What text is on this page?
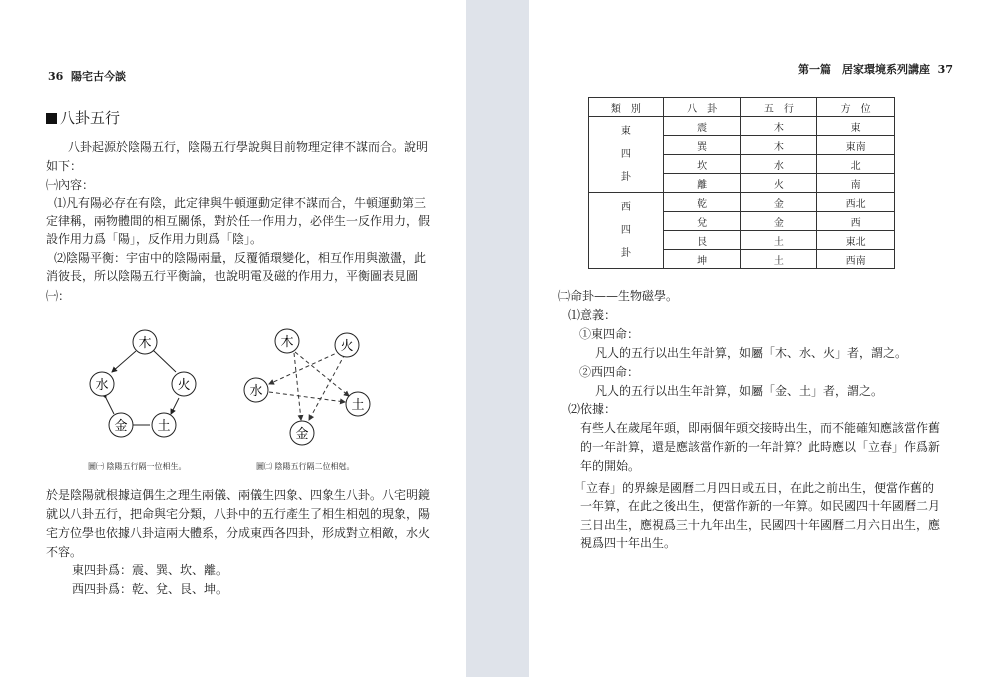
36 陽宅古今談
八卦五行
八卦起源於陰陽五行，陰陽五行學說與目前物理定律不謀而合。說明
如下：
㈠內容：
⑴凡有陽必存在有陰，此定律與牛頓運動定律不謀而合，牛頓運動第三
定律稱，兩物體間的相互關係，對於任一作用力，必伴生一反作用力，假
設作用力爲「陽」，反作用力則爲「陰」。
⑵陰陽平衡：宇宙中的陰陽兩量，反覆循環變化，相互作用與激盪，此
消彼長，所以陰陽五行平衡論，也說明電及磁的作用力，平衡圖表見圖
㈠：
木
水	火
金 土
木	火
水
土
金
圖㈠ 陰陽五行隔一位相生。	圖㈡ 陰陽五行隔二位相尅。
於是陰陽就根據這偶生之理生兩儀、兩儀生四象、四象生八卦。八宅明鏡
就以八卦五行，把命與宅分類，八卦中的五行產生了相生相剋的現象，陽
宅方位學也依據八卦這兩大體系，分成東西各四卦，形成對立相敵，水火
不容。
東四卦爲：震、巽、坎、離。
西四卦爲：乾、兌、艮、坤。
第一篇　居家環境系列講座 37
類　別	八　卦	五　行	方　位
東
四
卦	震	木	東
	巽	木	東南
	坎	水	北
	離	火	南
西
四
卦	乾	金	西北
	兌	金	西
	艮	土	東北
	坤	土	西南
㈡命卦——生物磁學。
⑴意義：
①東四命：
凡人的五行以出生年計算，如屬「木、水、火」者，謂之。
②西四命：
凡人的五行以出生年計算，如屬「金、土」者，謂之。
⑵依據：
有些人在歲尾年頭，即兩個年頭交接時出生，而不能確知應該當作舊
的一年計算，還是應該當作新的一年計算？此時應以「立春」作爲新
年的開始。
「立春」的界線是國曆二月四日或五日，在此之前出生，便當作舊的
一年算，在此之後出生，便當作新的一年算。如民國四十年國曆二月
三日出生，應視爲三十九年出生，民國四十年國曆二月六日出生，應
視爲四十年出生。
